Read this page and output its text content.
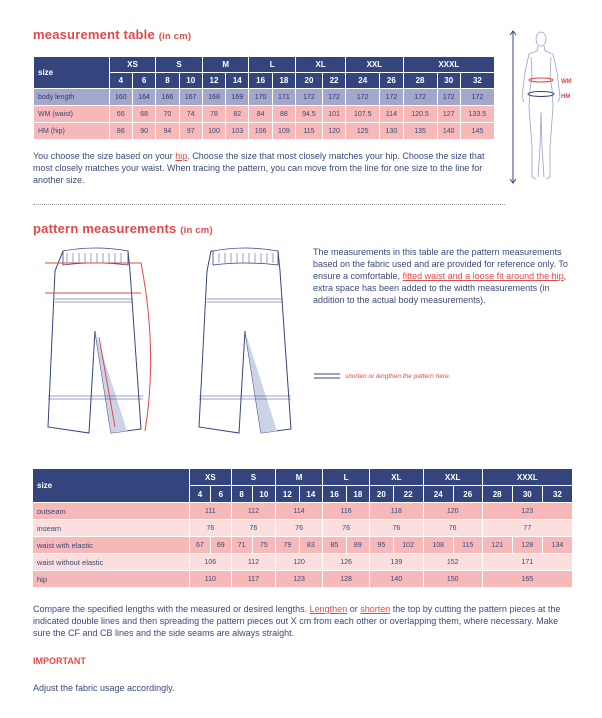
measurement table (in cm)
size	XS		S		M		L		XL		XXL		XXXL		
	4	6	8	10	12	14	16	18	20	22	24	26	28	30	32
body length	160	164	166	167	168	169	170	171	172	172	172	172	172	172	172
WM (waist)	66	68	70	74	78	82	84	88	94.5	101	107.5	114	120.5	127	133.5
HM (hip)	86	90	94	97	100	103	106	109	115	120	125	130	135	140	145
You choose the size based on your hip. Choose the size that most closely matches your hip. Choose the size that most closely matches your waist. When tracing the pattern, you can move from the line for one size to the line for another size.
WM
HM
pattern measurements (in cm)
The measurements in this table are the pattern measurements based on the fabric used and are provided for reference only. To ensure a comfortable, fitted waist and a loose fit around the hip, extra space has been added to the width measurements (in addition to the actual body measurements).
shorten or lengthen the pattern here.
size	XS		S		M		L		XL		XXL		XXXL		
	4	6	8	10	12	14	16	18	20	22	24	26	28	30	32
outseam	111		112		114		116		118		120		123		
inseam	76		76		76		76		76		76		77		
waist with elastic	67	69	71	75	79	83	85	89	95	102	108	115	121	128	134
waist without elastic	106		112		120		126		139		152		171		
hip	110		117		123		128		140		150		165		
Compare the specified lengths with the measured or desired lengths. Lengthen or shorten the top by cutting the pattern pieces at the indicated double lines and then spreading the pattern pieces out X cm from each other or overlapping them, where necessary. Make sure the CF and CB lines and the side seams are always straight.
IMPORTANT
Adjust the fabric usage accordingly.
